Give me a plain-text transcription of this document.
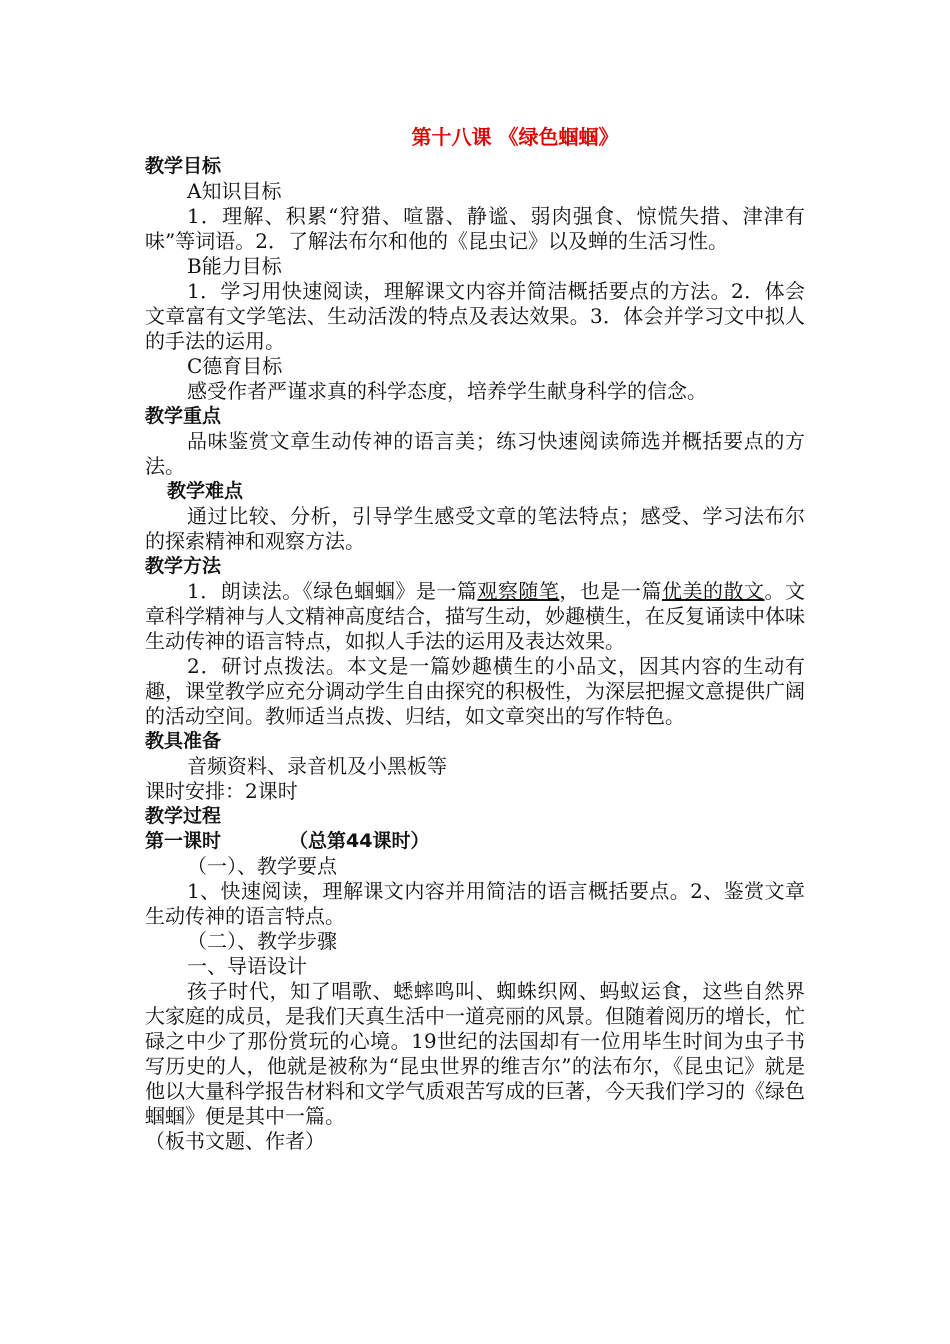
第十八课 《绿色蝈蝈》
教学目标
A知识目标
1．理解、积累“狩猎、喧嚣、静谧、弱肉强食、惊慌失措、津津有味”等词语。2．了解法布尔和他的《昆虫记》以及蝉的生活习性。
B能力目标
1．学习用快速阅读，理解课文内容并简洁概括要点的方法。2．体会文章富有文学笔法、生动活泼的特点及表达效果。3．体会并学习文中拟人的手法的运用。
C德育目标
感受作者严谨求真的科学态度，培养学生献身科学的信念。
教学重点
品味鉴赏文章生动传神的语言美；练习快速阅读筛选并概括要点的方法。
教学难点
通过比较、分析，引导学生感受文章的笔法特点；感受、学习法布尔的探索精神和观察方法。
教学方法
1．朗读法。《绿色蝈蝈》是一篇观察随笔，也是一篇优美的散文。文章科学精神与人文精神高度结合，描写生动，妙趣横生，在反复诵读中体味生动传神的语言特点，如拟人手法的运用及表达效果。
2．研讨点拨法。本文是一篇妙趣横生的小品文，因其内容的生动有趣，课堂教学应充分调动学生自由探究的积极性，为深层把握文意提供广阔的活动空间。教师适当点拨、归结，如文章突出的写作特色。
教具准备
音频资料、录音机及小黑板等
课时安排：2课时
教学过程
第一课时	（总第44课时）
（一）、教学要点
1、快速阅读，理解课文内容并用简洁的语言概括要点。2、鉴赏文章生动传神的语言特点。
（二）、教学步骤
一、导语设计
孩子时代，知了唱歌、蟋蟀鸣叫、蜘蛛织网、蚂蚁运食，这些自然界大家庭的成员，是我们天真生活中一道亮丽的风景。但随着阅历的增长，忙碌之中少了那份赏玩的心境。19世纪的法国却有一位用毕生时间为虫子书写历史的人，他就是被称为“昆虫世界的维吉尔”的法布尔，《昆虫记》就是他以大量科学报告材料和文学气质艰苦写成的巨著，今天我们学习的《绿色蝈蝈》便是其中一篇。
（板书文题、作者）
